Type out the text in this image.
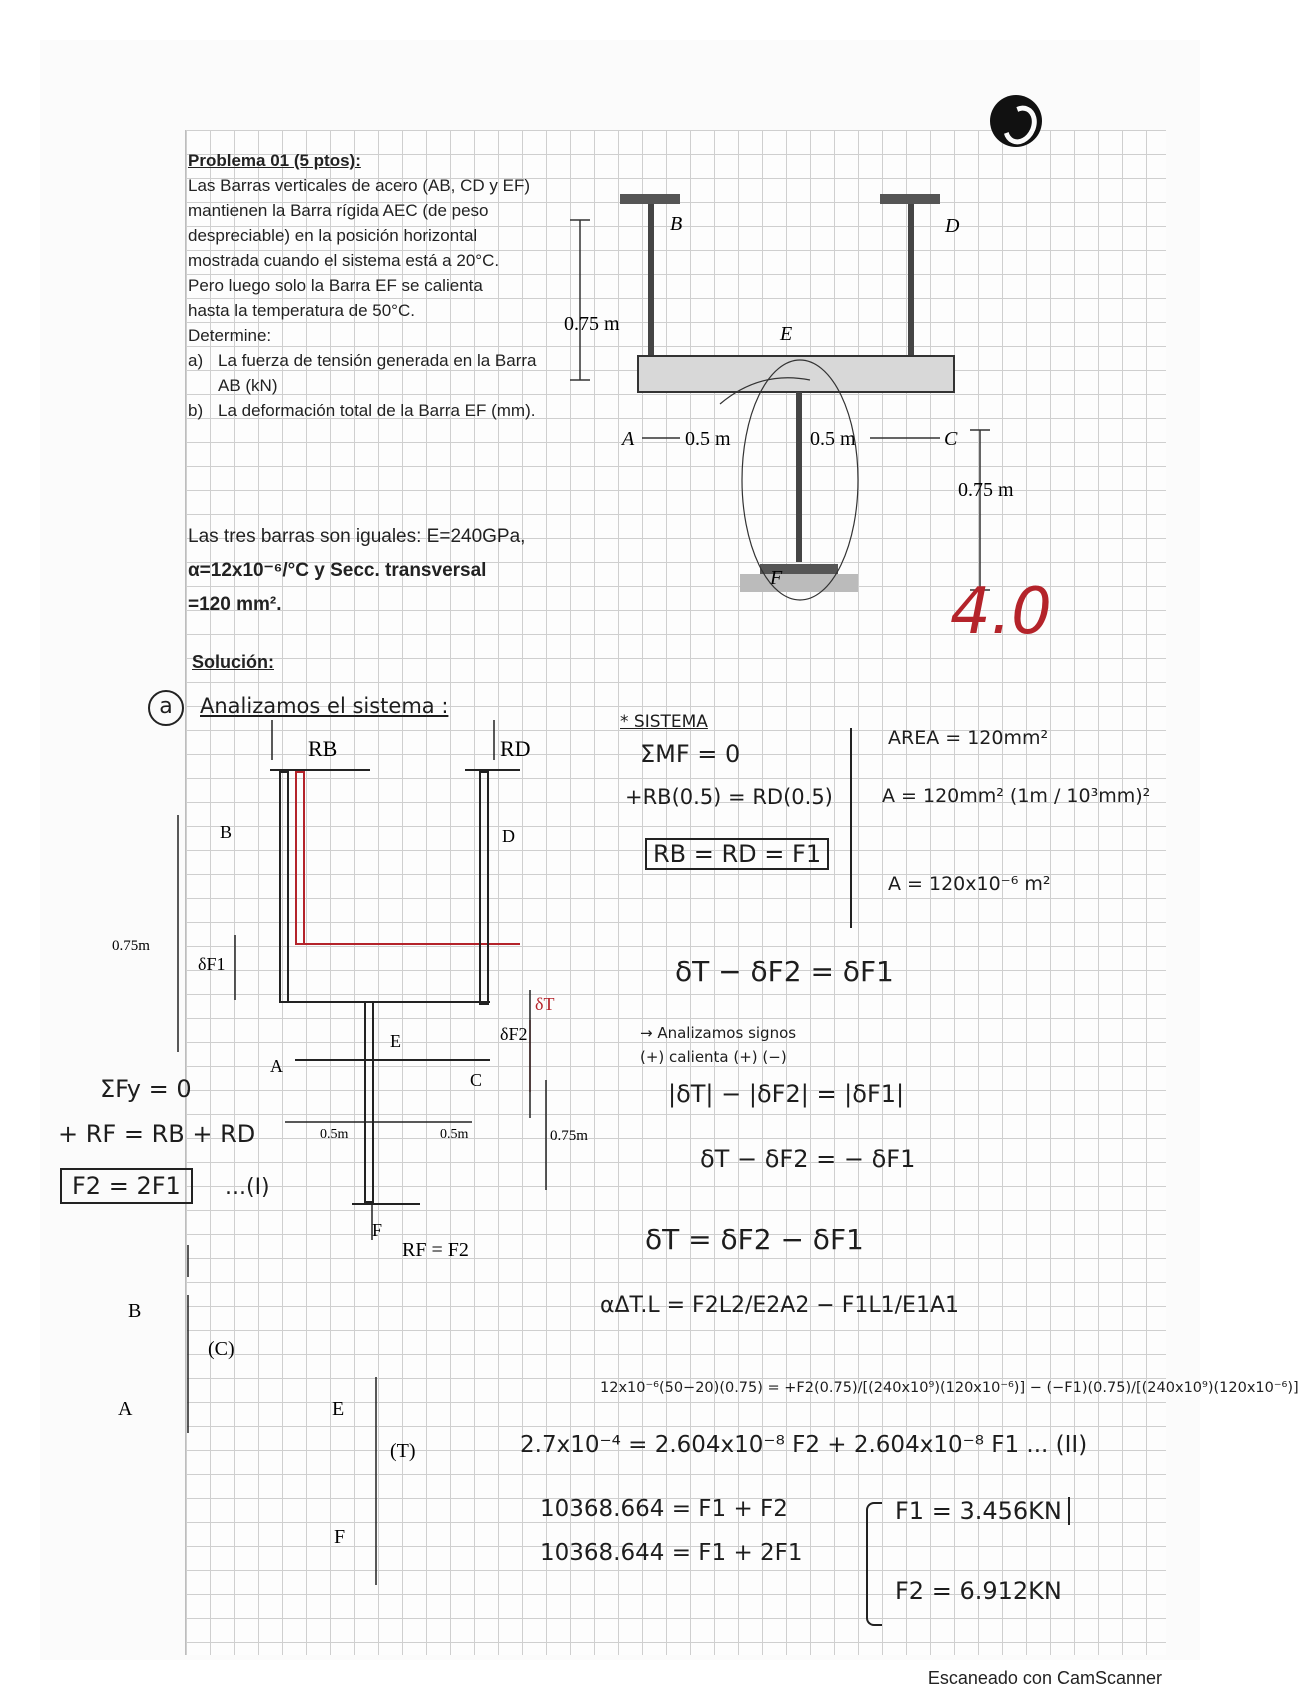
Problema 01 (5 ptos):
Las Barras verticales de acero (AB, CD y EF)
mantienen la Barra rígida AEC (de peso
despreciable) en la posición horizontal
mostrada cuando el sistema está a 20°C.
Pero luego solo la Barra EF se calienta
hasta la temperatura de 50°C.
Determine:
a) La fuerza de tensión generada en la Barra AB (kN)
b) La deformación total de la Barra EF (mm).
Las tres barras son iguales: E=240GPa,
α=12x10⁻⁶/°C y Secc. transversal
=120 mm².
Solución:
B	D
E
A	C
F
0.75 m
0.5 m	0.5 m
0.75 m
4.0
a	Analizamos el sistema :
RB	RD
B	D
E
A
C
F
0.75m
δF1
δF2
δT
0.5m	0.5m	0.75m
RF = F2
ΣFy = 0
+ RF = RB + RD
F2 = 2F1	...(I)
B
(C)
A	E
(T)
F
* SISTEMA
ΣMF = 0
+RB(0.5) = RD(0.5)
RB = RD = F1
AREA = 120mm²
A = 120mm² (1m / 10³mm)²
A = 120x10⁻⁶ m²
δT − δF2 = δF1
→ Analizamos signos
(+) calienta (+) (−)
|δT| − |δF2| = |δF1|
δT − δF2 = − δF1
δT = δF2 − δF1
αΔT.L = F2L2/E2A2 − F1L1/E1A1
12x10⁻⁶(50−20)(0.75) = +F2(0.75)/[(240x10⁹)(120x10⁻⁶)] − (−F1)(0.75)/[(240x10⁹)(120x10⁻⁶)]
2.7x10⁻⁴ = 2.604x10⁻⁸ F2 + 2.604x10⁻⁸ F1 ... (II)
10368.664 = F1 + F2
10368.644 = F1 + 2F1
F1 = 3.456KN
F2 = 6.912KN
Escaneado con CamScanner
